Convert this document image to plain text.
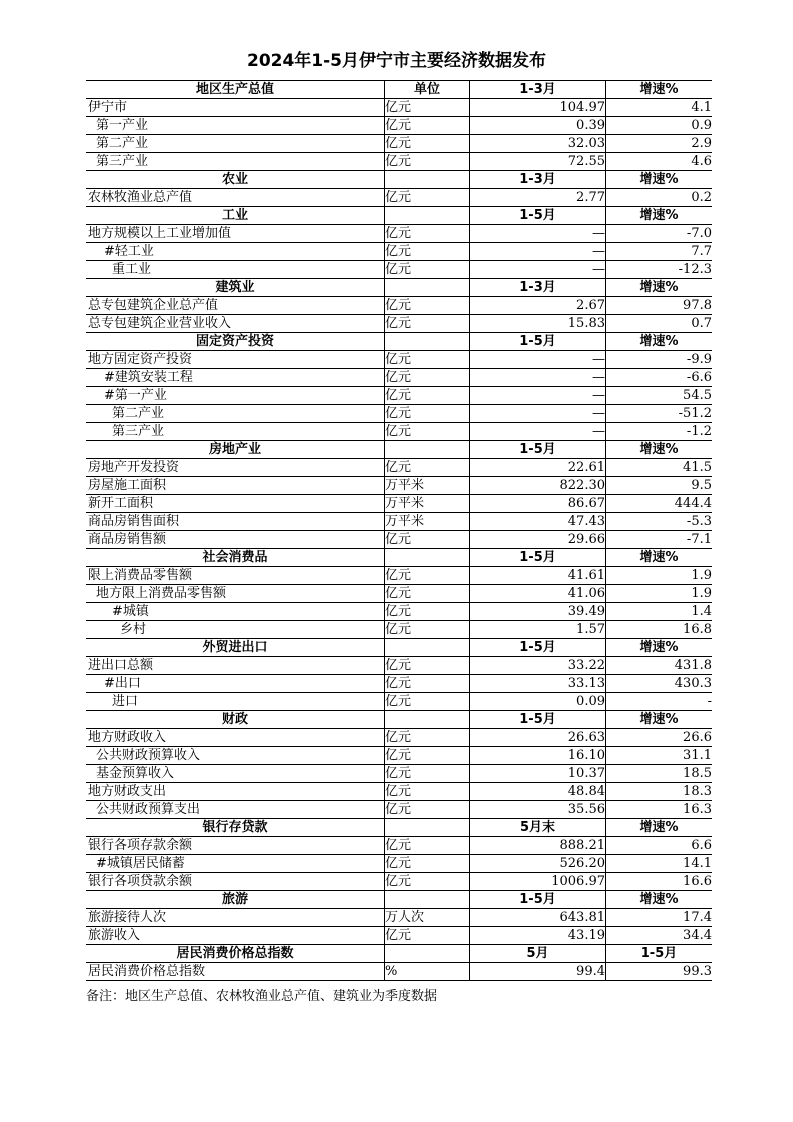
2024年1-5月伊宁市主要经济数据发布
地区生产总值	单位	1-3月	增速%
伊宁市	亿元	104.97	4.1
第一产业	亿元	0.39	0.9
第二产业	亿元	32.03	2.9
第三产业	亿元	72.55	4.6
农业		1-3月	增速%
农林牧渔业总产值	亿元	2.77	0.2
工业		1-5月	增速%
地方规模以上工业增加值	亿元	—	-7.0
#轻工业	亿元	—	7.7
重工业	亿元	—	-12.3
建筑业		1-3月	增速%
总专包建筑企业总产值	亿元	2.67	97.8
总专包建筑企业营业收入	亿元	15.83	0.7
固定资产投资		1-5月	增速%
地方固定资产投资	亿元	—	-9.9
#建筑安装工程	亿元	—	-6.6
#第一产业	亿元	—	54.5
第二产业	亿元	—	-51.2
第三产业	亿元	—	-1.2
房地产业		1-5月	增速%
房地产开发投资	亿元	22.61	41.5
房屋施工面积	万平米	822.30	9.5
新开工面积	万平米	86.67	444.4
商品房销售面积	万平米	47.43	-5.3
商品房销售额	亿元	29.66	-7.1
社会消费品		1-5月	增速%
限上消费品零售额	亿元	41.61	1.9
地方限上消费品零售额	亿元	41.06	1.9
#城镇	亿元	39.49	1.4
乡村	亿元	1.57	16.8
外贸进出口		1-5月	增速%
进出口总额	亿元	33.22	431.8
#出口	亿元	33.13	430.3
进口	亿元	0.09	-
财政		1-5月	增速%
地方财政收入	亿元	26.63	26.6
公共财政预算收入	亿元	16.10	31.1
基金预算收入	亿元	10.37	18.5
地方财政支出	亿元	48.84	18.3
公共财政预算支出	亿元	35.56	16.3
银行存贷款		5月末	增速%
银行各项存款余额	亿元	888.21	6.6
#城镇居民储蓄	亿元	526.20	14.1
银行各项贷款余额	亿元	1006.97	16.6
旅游		1-5月	增速%
旅游接待人次	万人次	643.81	17.4
旅游收入	亿元	43.19	34.4
居民消费价格总指数		5月	1-5月
居民消费价格总指数	%	99.4	99.3
备注：地区生产总值、农林牧渔业总产值、建筑业为季度数据
